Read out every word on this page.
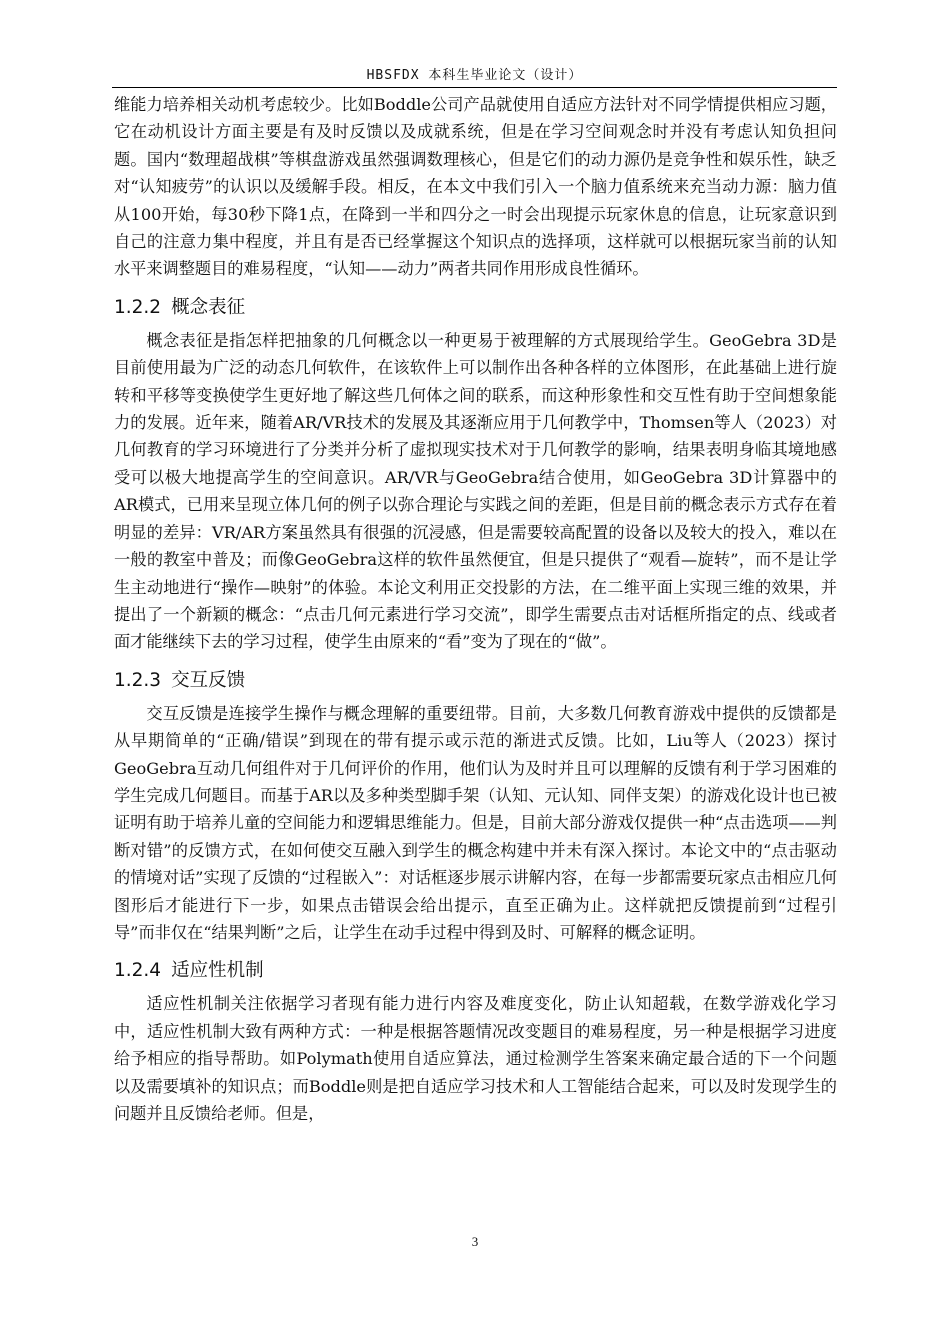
HBSFDX 本科生毕业论文（设计）

维能力培养相关动机考虑较少。比如Boddle公司产品就使用自适应方法针对不同学情提供相应习题，它在动机设计方面主要是有及时反馈以及成就系统，但是在学习空间观念时并没有考虑认知负担问题。国内“数理超战棋”等棋盘游戏虽然强调数理核心，但是它们的动力源仍是竞争性和娱乐性，缺乏对“认知疲劳”的认识以及缓解手段。相反，在本文中我们引入一个脑力值系统来充当动力源：脑力值从100开始，每30秒下降1点，在降到一半和四分之一时会出现提示玩家休息的信息，让玩家意识到自己的注意力集中程度，并且有是否已经掌握这个知识点的选择项，这样就可以根据玩家当前的认知水平来调整题目的难易程度，“认知——动力”两者共同作用形成良性循环。

1.2.2 概念表征

概念表征是指怎样把抽象的几何概念以一种更易于被理解的方式展现给学生。GeoGebra 3D是目前使用最为广泛的动态几何软件，在该软件上可以制作出各种各样的立体图形，在此基础上进行旋转和平移等变换使学生更好地了解这些几何体之间的联系，而这种形象性和交互性有助于空间想象能力的发展。近年来，随着AR/VR技术的发展及其逐渐应用于几何教学中，Thomsen等人（2023）对几何教育的学习环境进行了分类并分析了虚拟现实技术对于几何教学的影响，结果表明身临其境地感受可以极大地提高学生的空间意识。AR/VR与GeoGebra结合使用，如GeoGebra 3D计算器中的AR模式，已用来呈现立体几何的例子以弥合理论与实践之间的差距，但是目前的概念表示方式存在着明显的差异：VR/AR方案虽然具有很强的沉浸感，但是需要较高配置的设备以及较大的投入，难以在一般的教室中普及；而像GeoGebra这样的软件虽然便宜，但是只提供了“观看—旋转”，而不是让学生主动地进行“操作—映射”的体验。本论文利用正交投影的方法，在二维平面上实现三维的效果，并提出了一个新颖的概念：“点击几何元素进行学习交流”，即学生需要点击对话框所指定的点、线或者面才能继续下去的学习过程，使学生由原来的“看”变为了现在的“做”。

1.2.3 交互反馈

交互反馈是连接学生操作与概念理解的重要纽带。目前，大多数几何教育游戏中提供的反馈都是从早期简单的“正确/错误”到现在的带有提示或示范的渐进式反馈。比如，Liu等人（2023）探讨GeoGebra互动几何组件对于几何评价的作用，他们认为及时并且可以理解的反馈有利于学习困难的学生完成几何题目。而基于AR以及多种类型脚手架（认知、元认知、同伴支架）的游戏化设计也已被证明有助于培养儿童的空间能力和逻辑思维能力。但是，目前大部分游戏仅提供一种“点击选项——判断对错”的反馈方式，在如何使交互融入到学生的概念构建中并未有深入探讨。本论文中的“点击驱动的情境对话”实现了反馈的“过程嵌入”：对话框逐步展示讲解内容，在每一步都需要玩家点击相应几何图形后才能进行下一步，如果点击错误会给出提示，直至正确为止。这样就把反馈提前到“过程引导”而非仅在“结果判断”之后，让学生在动手过程中得到及时、可解释的概念证明。

1.2.4 适应性机制

适应性机制关注依据学习者现有能力进行内容及难度变化，防止认知超载，在数学游戏化学习中，适应性机制大致有两种方式：一种是根据答题情况改变题目的难易程度，另一种是根据学习进度给予相应的指导帮助。如Polymath使用自适应算法，通过检测学生答案来确定最合适的下一个问题以及需要填补的知识点；而Boddle则是把自适应学习技术和人工智能结合起来，可以及时发现学生的问题并且反馈给老师。但是，

3
